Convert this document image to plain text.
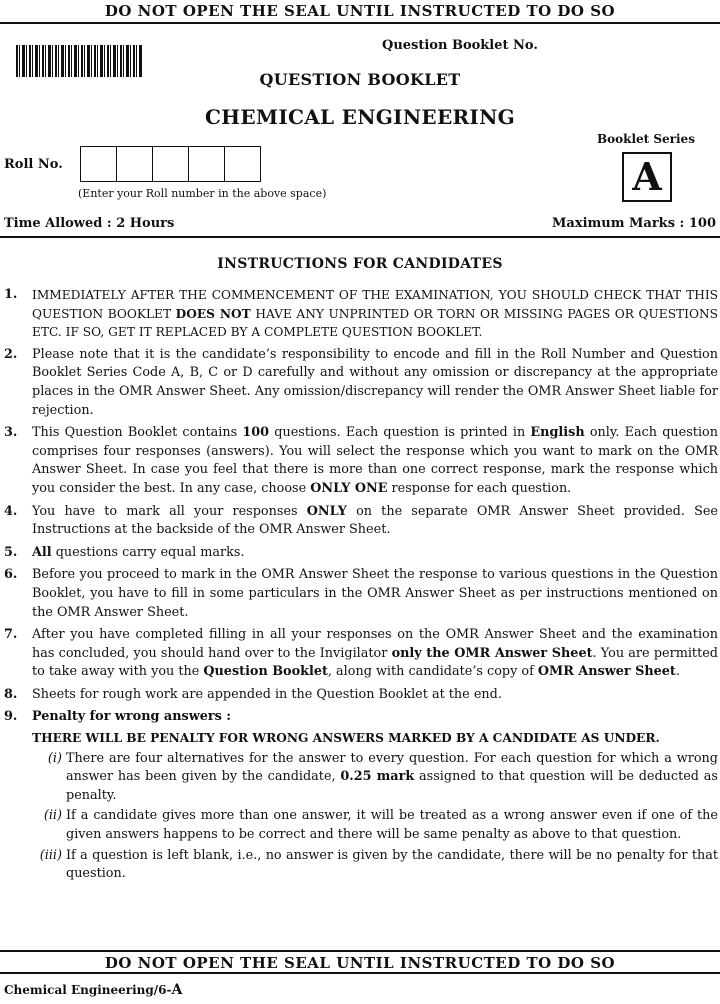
DO NOT OPEN THE SEAL UNTIL INSTRUCTED TO DO SO
Question Booklet No.
QUESTION BOOKLET
CHEMICAL ENGINEERING
Booklet Series
A
Roll No.
(Enter your Roll number in the above space)
Time Allowed : 2 Hours	Maximum Marks : 100
INSTRUCTIONS FOR CANDIDATES
1.	IMMEDIATELY AFTER THE COMMENCEMENT OF THE EXAMINATION, YOU SHOULD CHECK THAT THIS QUESTION BOOKLET DOES NOT HAVE ANY UNPRINTED OR TORN OR MISSING PAGES OR QUESTIONS ETC. IF SO, GET IT REPLACED BY A COMPLETE QUESTION BOOKLET.
2.	Please note that it is the candidate’s responsibility to encode and fill in the Roll Number and Question Booklet Series Code A, B, C or D carefully and without any omission or discrepancy at the appropriate places in the OMR Answer Sheet. Any omission/discrepancy will render the OMR Answer Sheet liable for rejection.
3.	This Question Booklet contains 100 questions. Each question is printed in English only. Each question comprises four responses (answers). You will select the response which you want to mark on the OMR Answer Sheet. In case you feel that there is more than one correct response, mark the response which you consider the best. In any case, choose ONLY ONE response for each question.
4.	You have to mark all your responses ONLY on the separate OMR Answer Sheet provided. See Instructions at the backside of the OMR Answer Sheet.
5.	All questions carry equal marks.
6.	Before you proceed to mark in the OMR Answer Sheet the response to various questions in the Question Booklet, you have to fill in some particulars in the OMR Answer Sheet as per instructions mentioned on the OMR Answer Sheet.
7.	After you have completed filling in all your responses on the OMR Answer Sheet and the examination has concluded, you should hand over to the Invigilator only the OMR Answer Sheet. You are permitted to take away with you the Question Booklet, along with candidate’s copy of OMR Answer Sheet.
8.	Sheets for rough work are appended in the Question Booklet at the end.
9.	Penalty for wrong answers :
THERE WILL BE PENALTY FOR WRONG ANSWERS MARKED BY A CANDIDATE AS UNDER.
(i) There are four alternatives for the answer to every question. For each question for which a wrong answer has been given by the candidate, 0.25 mark assigned to that question will be deducted as penalty.
(ii) If a candidate gives more than one answer, it will be treated as a wrong answer even if one of the given answers happens to be correct and there will be same penalty as above to that question.
(iii) If a question is left blank, i.e., no answer is given by the candidate, there will be no penalty for that question.
DO NOT OPEN THE SEAL UNTIL INSTRUCTED TO DO SO
Chemical Engineering/6-A
